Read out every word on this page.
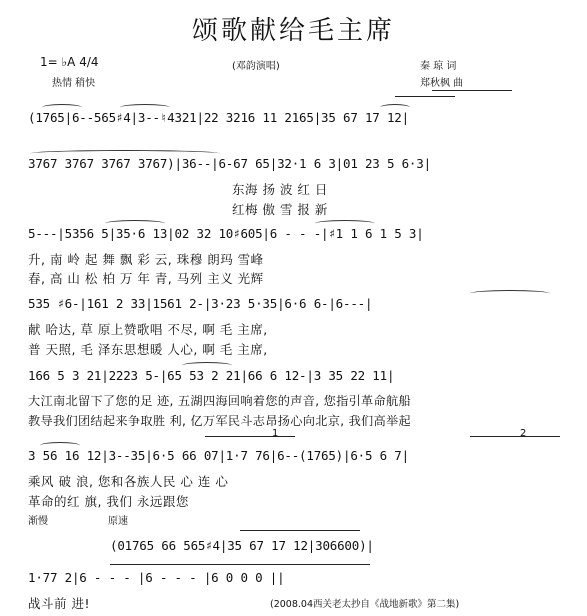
颂歌献给毛主席
1= ♭A 4/4
热情 稍快
(邓韵演唱)	秦 琼 词
郑秋枫 曲
(1765|6--565♯4|3--♮4321|22 3216 11 2165|35 67 17 12|
3767 3767 3767 3767)|36--|6-67 65|32·1 6 3|01 23 5 6·3|
东海 扬 波 红 日
红梅 傲 雪 报 新
5---|5356 5|35·6 13|02 32 10♯605|6 - - -|♯1 1 6 1 5 3|
升, 南 岭 起 舞 飘 彩 云, 珠穆 朗玛 雪峰
春, 高 山 松 柏 万 年 青, 马列 主义 光辉
535 ♯6-|161 2 33|1561 2-|3·23 5·35|6·6 6-|6---|
献 哈达, 草 原上赞歌唱 不尽, 啊 毛 主席,
普 天照, 毛 泽东思想暖 人心, 啊 毛 主席,
166 5 3 21|2223 5-|65 53 2 21|66 6 12-|3 35 22 11|
大江南北留下了您的足 迹, 五湖四海回响着您的声音, 您指引革命航船
教导我们团结起来争取胜 利, 亿万军民斗志昂扬心向北京, 我们高举起
1	2
3 56 16 12|3--35|6·5 66 07|1·7 76|6--(1765)|6·5 6 7|
乘风 破 浪, 您和各族人民 心 连 心
革命的红 旗, 我们 永远跟您
渐慢	原速
(01765 66 565♯4|35 67 17 12|306600)|
1·77 2|6 - - - |6 - - - |6 0 0 0 ||
战斗前 进!	(2008.04西关老太抄自《战地新歌》第二集)
